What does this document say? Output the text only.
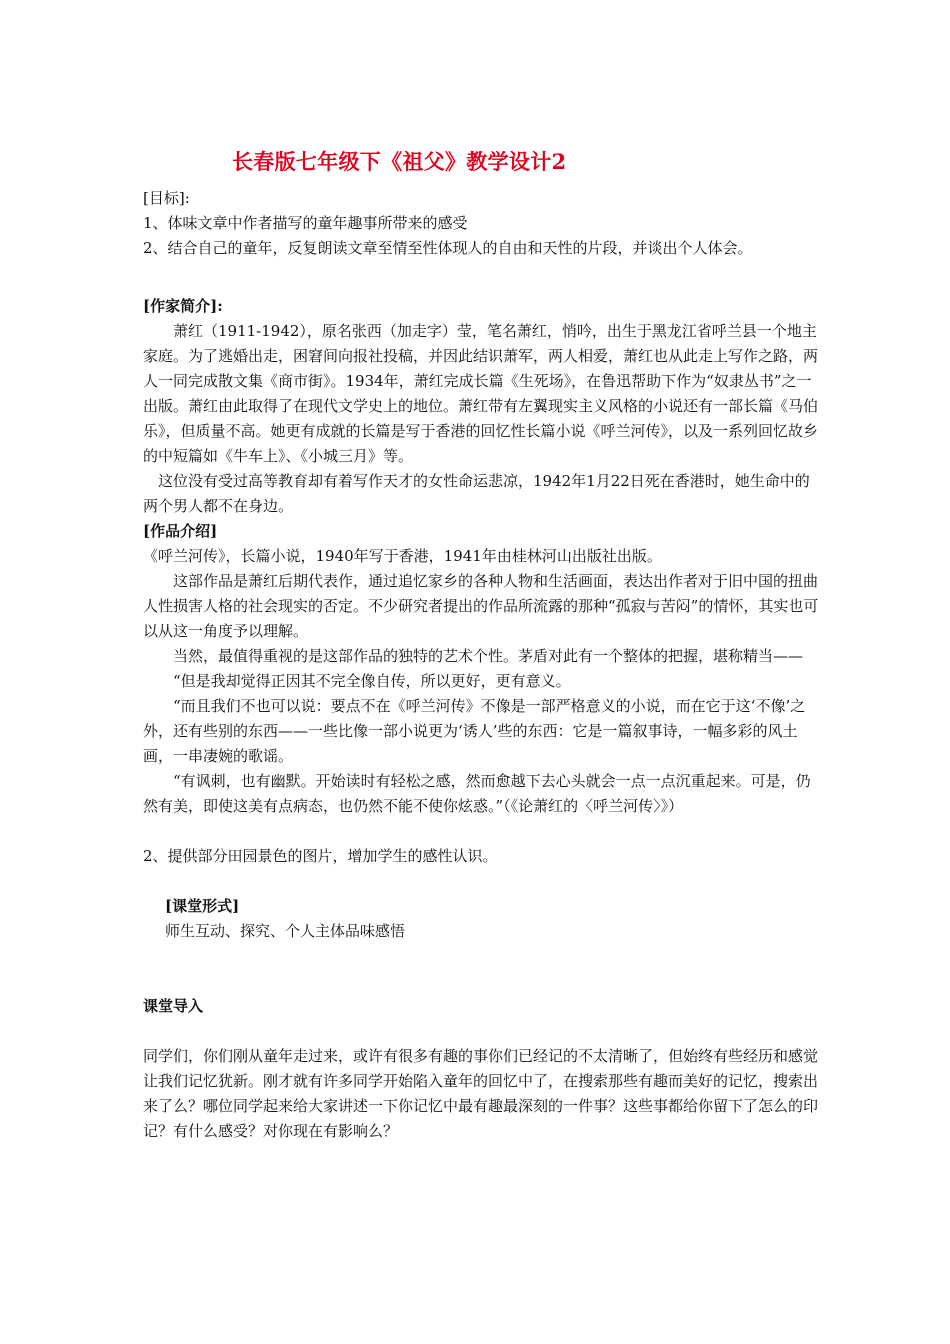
长春版七年级下《祖父》教学设计2

[目标]:

1、体味文章中作者描写的童年趣事所带来的感受

2、结合自己的童年，反复朗读文章至情至性体现人的自由和天性的片段，并谈出个人体会。

[作家简介]:

萧红（1911-1942），原名张西（加走字）莹，笔名萧红，悄吟，出生于黑龙江省呼兰县一个地主家庭。为了逃婚出走，困窘间向报社投稿，并因此结识萧军，两人相爱，萧红也从此走上写作之路，两人一同完成散文集《商市街》。1934年，萧红完成长篇《生死场》，在鲁迅帮助下作为“奴隶丛书”之一出版。萧红由此取得了在现代文学史上的地位。萧红带有左翼现实主义风格的小说还有一部长篇《马伯乐》，但质量不高。她更有成就的长篇是写于香港的回忆性长篇小说《呼兰河传》，以及一系列回忆故乡的中短篇如《牛车上》、《小城三月》等。

这位没有受过高等教育却有着写作天才的女性命运悲凉，1942年1月22日死在香港时，她生命中的两个男人都不在身边。

[作品介绍]

《呼兰河传》，长篇小说，1940年写于香港，1941年由桂林河山出版社出版。

这部作品是萧红后期代表作，通过追忆家乡的各种人物和生活画面，表达出作者对于旧中国的扭曲人性损害人格的社会现实的否定。不少研究者提出的作品所流露的那种“孤寂与苦闷”的情怀，其实也可以从这一角度予以理解。

当然，最值得重视的是这部作品的独特的艺术个性。茅盾对此有一个整体的把握，堪称精当——

“但是我却觉得正因其不完全像自传，所以更好，更有意义。

“而且我们不也可以说：要点不在《呼兰河传》不像是一部严格意义的小说，而在它于这‘不像’之外，还有些别的东西——一些比像一部小说更为‘诱人’些的东西：它是一篇叙事诗，一幅多彩的风土画，一串凄婉的歌谣。

“有讽刺，也有幽默。开始读时有轻松之感，然而愈越下去心头就会一点一点沉重起来。可是，仍然有美，即使这美有点病态，也仍然不能不使你炫惑。”（《论萧红的〈呼兰河传〉》）

2、提供部分田园景色的图片，增加学生的感性认识。

[课堂形式]

师生互动、探究、个人主体品味感悟

课堂导入

同学们，你们刚从童年走过来，或许有很多有趣的事你们已经记的不太清晰了，但始终有些经历和感觉让我们记忆犹新。刚才就有许多同学开始陷入童年的回忆中了，在搜索那些有趣而美好的记忆，搜索出来了么？哪位同学起来给大家讲述一下你记忆中最有趣最深刻的一件事？这些事都给你留下了怎么的印记？有什么感受？对你现在有影响么？
